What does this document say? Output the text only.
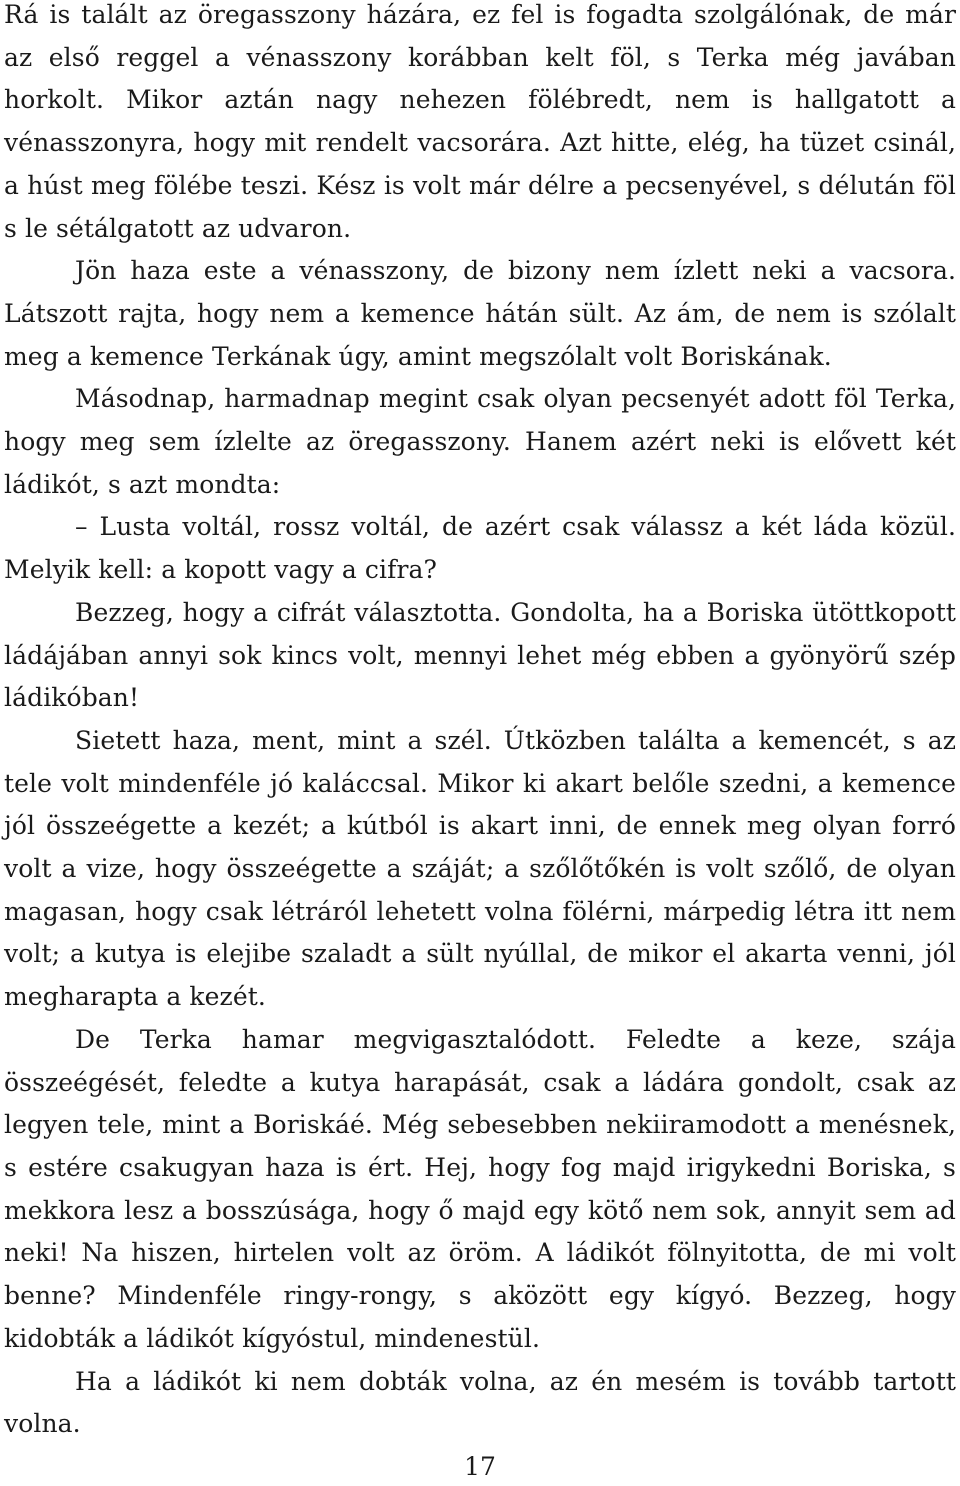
Rá is talált az öregasszony házára, ez fel is fogadta szolgálónak, de már az első reggel a vénasszony korábban kelt föl, s Terka még javában horkolt. Mikor aztán nagy nehezen fölébredt, nem is hallgatott a vénasszonyra, hogy mit rendelt vacsorára. Azt hitte, elég, ha tüzet csinál, a húst meg fölébe teszi. Kész is volt már délre a pecsenyével, s délután föl s le sétálgatott az udvaron.

Jön haza este a vénasszony, de bizony nem ízlett neki a vacsora. Látszott rajta, hogy nem a kemence hátán sült. Az ám, de nem is szólalt meg a kemence Terkának úgy, amint megszólalt volt Boriskának.

Másodnap, harmadnap megint csak olyan pecsenyét adott föl Terka, hogy meg sem ízlelte az öregasszony. Hanem azért neki is elővett két ládikót, s azt mondta:

– Lusta voltál, rossz voltál, de azért csak válassz a két láda közül. Melyik kell: a kopott vagy a cifra?

Bezzeg, hogy a cifrát választotta. Gondolta, ha a Boriska ütöttkopott ládájában annyi sok kincs volt, mennyi lehet még ebben a gyönyörű szép ládikóban!

Sietett haza, ment, mint a szél. Útközben találta a kemencét, s az tele volt mindenféle jó kaláccsal. Mikor ki akart belőle szedni, a kemence jól összeégette a kezét; a kútból is akart inni, de ennek meg olyan forró volt a vize, hogy összeégette a száját; a szőlőtőkén is volt szőlő, de olyan magasan, hogy csak létráról lehetett volna fölérni, márpedig létra itt nem volt; a kutya is elejibe szaladt a sült nyúllal, de mikor el akarta venni, jól megharapta a kezét.

De Terka hamar megvigasztalódott. Feledte a keze, szája összeégését, feledte a kutya harapását, csak a ládára gondolt, csak az legyen tele, mint a Boriskáé. Még sebesebben nekiiramodott a menésnek, s estére csakugyan haza is ért. Hej, hogy fog majd irigykedni Boriska, s mekkora lesz a bosszúsága, hogy ő majd egy kötő nem sok, annyit sem ad neki! Na hiszen, hirtelen volt az öröm. A ládikót fölnyitotta, de mi volt benne? Mindenféle ringy-rongy, s aközött egy kígyó. Bezzeg, hogy kidobták a ládikót kígyóstul, mindenestül.

Ha a ládikót ki nem dobták volna, az én mesém is tovább tartott volna.

17
